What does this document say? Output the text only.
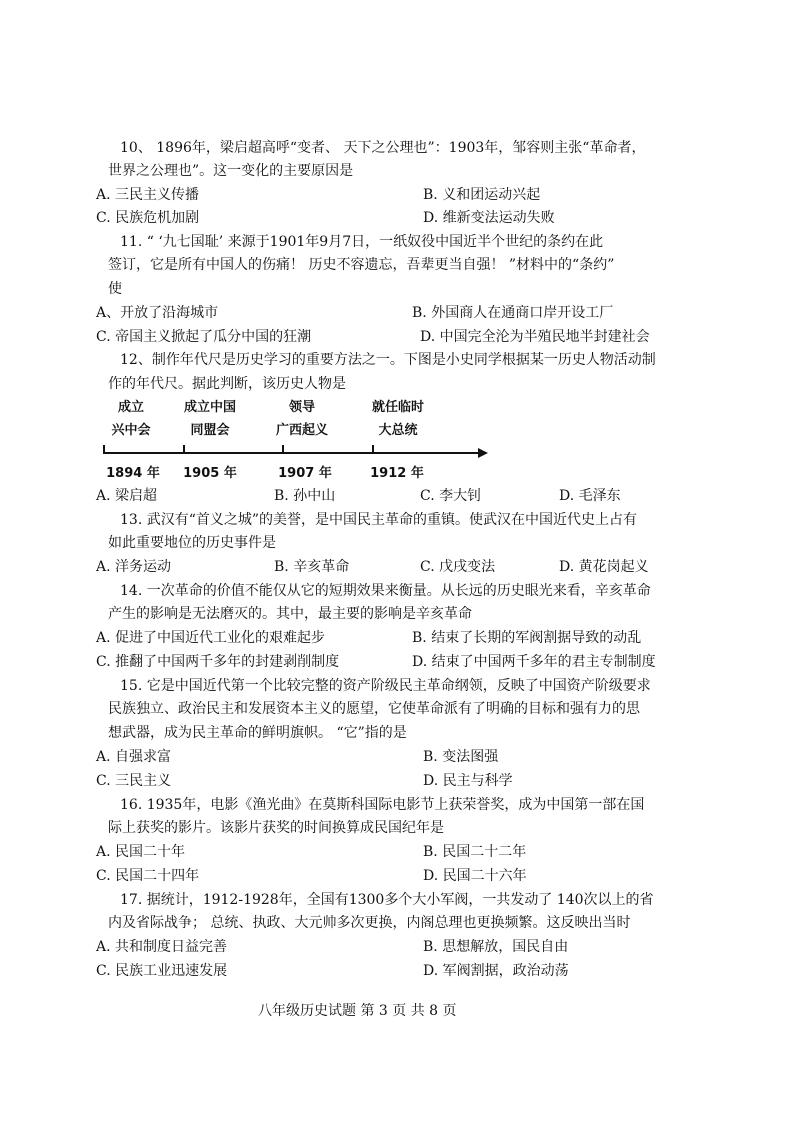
10、 1896年，梁启超高呼“变者、 天下之公理也”：1903年，邹容则主张“革命者，
世界之公理也”。这一变化的主要原因是
A. 三民主义传播	B. 义和团运动兴起
C. 民族危机加剧	D. 维新变法运动失败
11. “ ‘九七国耻’ 来源于1901年9月7日，一纸奴役中国近半个世纪的条约在此
签订，它是所有中国人的伤痛！ 历史不容遗忘，吾辈更当自强！ ”材料中的“条约”
使
A、开放了沿海城市	B. 外国商人在通商口岸开设工厂
C. 帝国主义掀起了瓜分中国的狂潮	D. 中国完全沦为半殖民地半封建社会
12、制作年代尺是历史学习的重要方法之一。下图是小史同学根据某一历史人物活动制
作的年代尺。据此判断，该历史人物是
成立
兴中会
成立中国
同盟会
领导
广西起义
就任临时
大总统
1894 年	1905 年	1907 年	1912 年
A. 梁启超	B. 孙中山	C. 李大钊	D. 毛泽东
13. 武汉有“首义之城”的美誉，是中国民主革命的重镇。使武汉在中国近代史上占有
如此重要地位的历史事件是
A. 洋务运动	B. 辛亥革命	C. 戊戌变法	D. 黄花岗起义
14. 一次革命的价值不能仅从它的短期效果来衡量。从长远的历史眼光来看，辛亥革命
产生的影响是无法磨灭的。其中，最主要的影响是辛亥革命
A. 促进了中国近代工业化的艰难起步	B. 结束了长期的军阀割据导致的动乱
C. 推翻了中国两千多年的封建剥削制度	D. 结束了中国两千多年的君主专制制度
15. 它是中国近代第一个比较完整的资产阶级民主革命纲领，反映了中国资产阶级要求
民族独立、政治民主和发展资本主义的愿望，它使革命派有了明确的目标和强有力的思
想武器，成为民主革命的鲜明旗帜。 “它”指的是
A. 自强求富	B. 变法图强
C. 三民主义	D. 民主与科学
16. 1935年，电影《渔光曲》在莫斯科国际电影节上获荣誉奖，成为中国第一部在国
际上获奖的影片。该影片获奖的时间换算成民国纪年是
A. 民国二十年	B. 民国二十二年
C. 民国二十四年	D. 民国二十六年
17. 据统计，1912-1928年，全国有1300多个大小军阀，一共发动了 140次以上的省
内及省际战争； 总统、执政、大元帅多次更换，内阁总理也更换频繁。这反映出当时
A. 共和制度日益完善	B. 思想解放，国民自由
C. 民族工业迅速发展	D. 军阀割据，政治动荡
八年级历史试题 第 3 页 共 8 页
